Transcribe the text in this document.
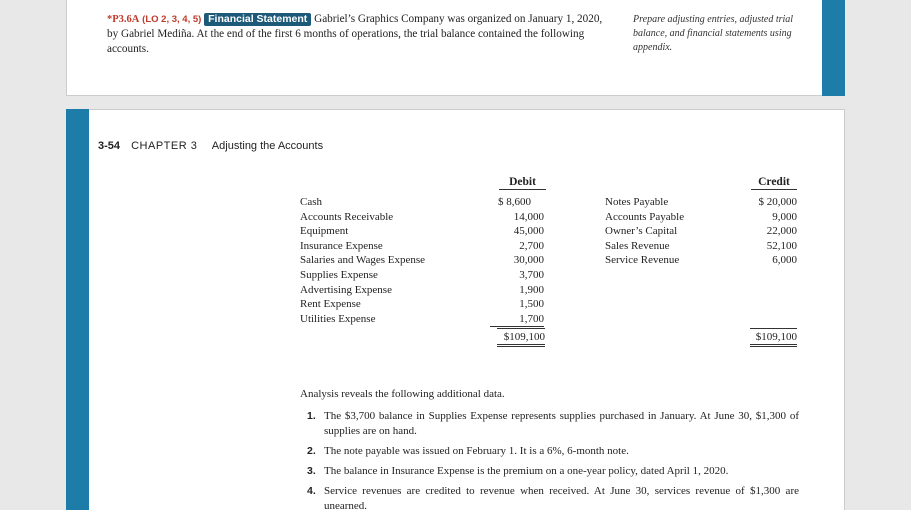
*P3.6A (LO 2, 3, 4, 5) Financial Statement Gabriel’s Graphics Company was organized on January 1, 2020, by Gabriel Mediña. At the end of the first 6 months of operations, the trial balance contained the following accounts.
Prepare adjusting entries, adjusted trial balance, and financial statements using appendix.
3-54 CHAPTER 3 Adjusting the Accounts
Debit	Credit
Cash
Accounts Receivable
Equipment
Insurance Expense
Salaries and Wages Expense
Supplies Expense
Advertising Expense
Rent Expense
Utilities Expense
$ 8,600
14,000
45,000
2,700
30,000
3,700
1,900
1,500
1,700
Notes Payable
Accounts Payable
Owner’s Capital
Sales Revenue
Service Revenue
$ 20,000
9,000
22,000
52,100
6,000
$109,100	$109,100
Analysis reveals the following additional data.
1. The $3,700 balance in Supplies Expense represents supplies purchased in January. At June 30, $1,300 of supplies are on hand.
2. The note payable was issued on February 1. It is a 6%, 6-month note.
3. The balance in Insurance Expense is the premium on a one-year policy, dated April 1, 2020.
4. Service revenues are credited to revenue when received. At June 30, services revenue of $1,300 are unearned.
